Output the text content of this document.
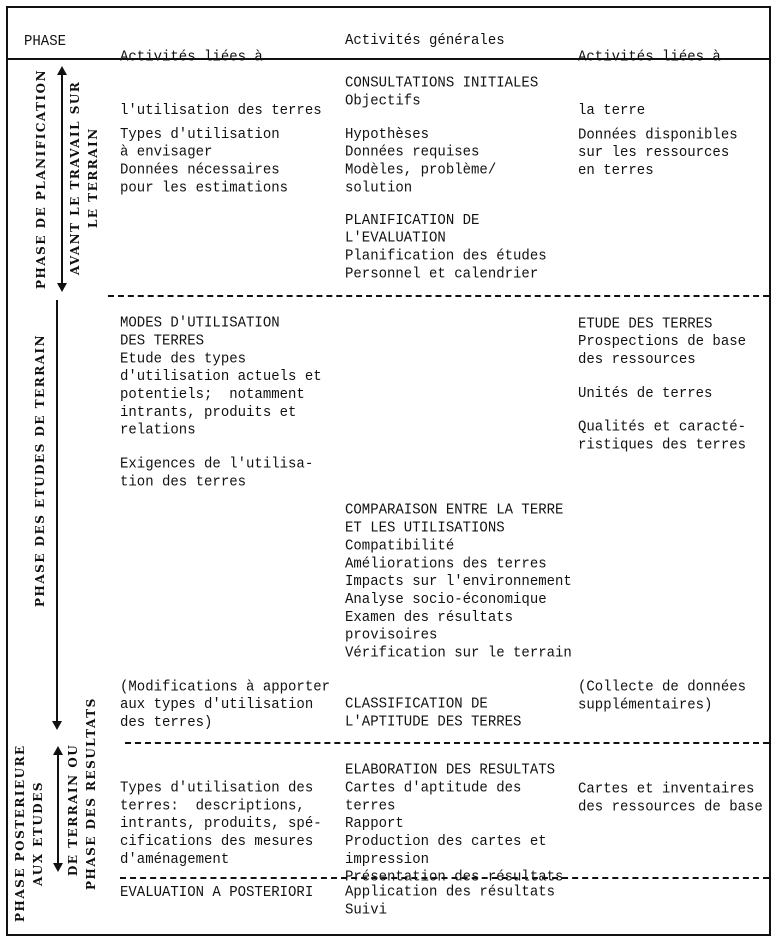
PHASE

Activités liées à

l'utilisation des terres

Activités générales

Activités liées à

la terre

PHASE DE PLANIFICATION AVANT LE TRAVAIL SUR LE TERRAIN
PHASE DES ETUDES DE TERRAIN
PHASE POSTERIEURE AUX ETUDES DE TERRAIN OU PHASE DES RESULTATS
Types d'utilisation
à envisager
Données nécessaires
pour les estimations
CONSULTATIONS INITIALES
Objectifs
Hypothèses
Données requises
Modèles, problème/
solution
PLANIFICATION DE
L'EVALUATION
Planification des études
Personnel et calendrier
Données disponibles
sur les ressources
en terres
MODES D'UTILISATION
DES TERRES
Etude des types
d'utilisation actuels et
potentiels;  notamment
intrants, produits et
relations
Exigences de l'utilisa-
tion des terres
(Modifications à apporter
aux types d'utilisation
des terres)
COMPARAISON ENTRE LA TERRE
ET LES UTILISATIONS
Compatibilité
Améliorations des terres
Impacts sur l'environnement
Analyse socio-économique
Examen des résultats
provisoires
Vérification sur le terrain
CLASSIFICATION DE
L'APTITUDE DES TERRES
ETUDE DES TERRES
Prospections de base
des ressources
Unités de terres
Qualités et caracté-
ristiques des terres
(Collecte de données
supplémentaires)
Types d'utilisation des
terres:  descriptions,
intrants, produits, spé-
cifications des mesures
d'aménagement
EVALUATION A POSTERIORI
ELABORATION DES RESULTATS
Cartes d'aptitude des
terres
Rapport
Production des cartes et
impression
Présentation des résultats
Application des résultats
Suivi
Cartes et inventaires
des ressources de base
